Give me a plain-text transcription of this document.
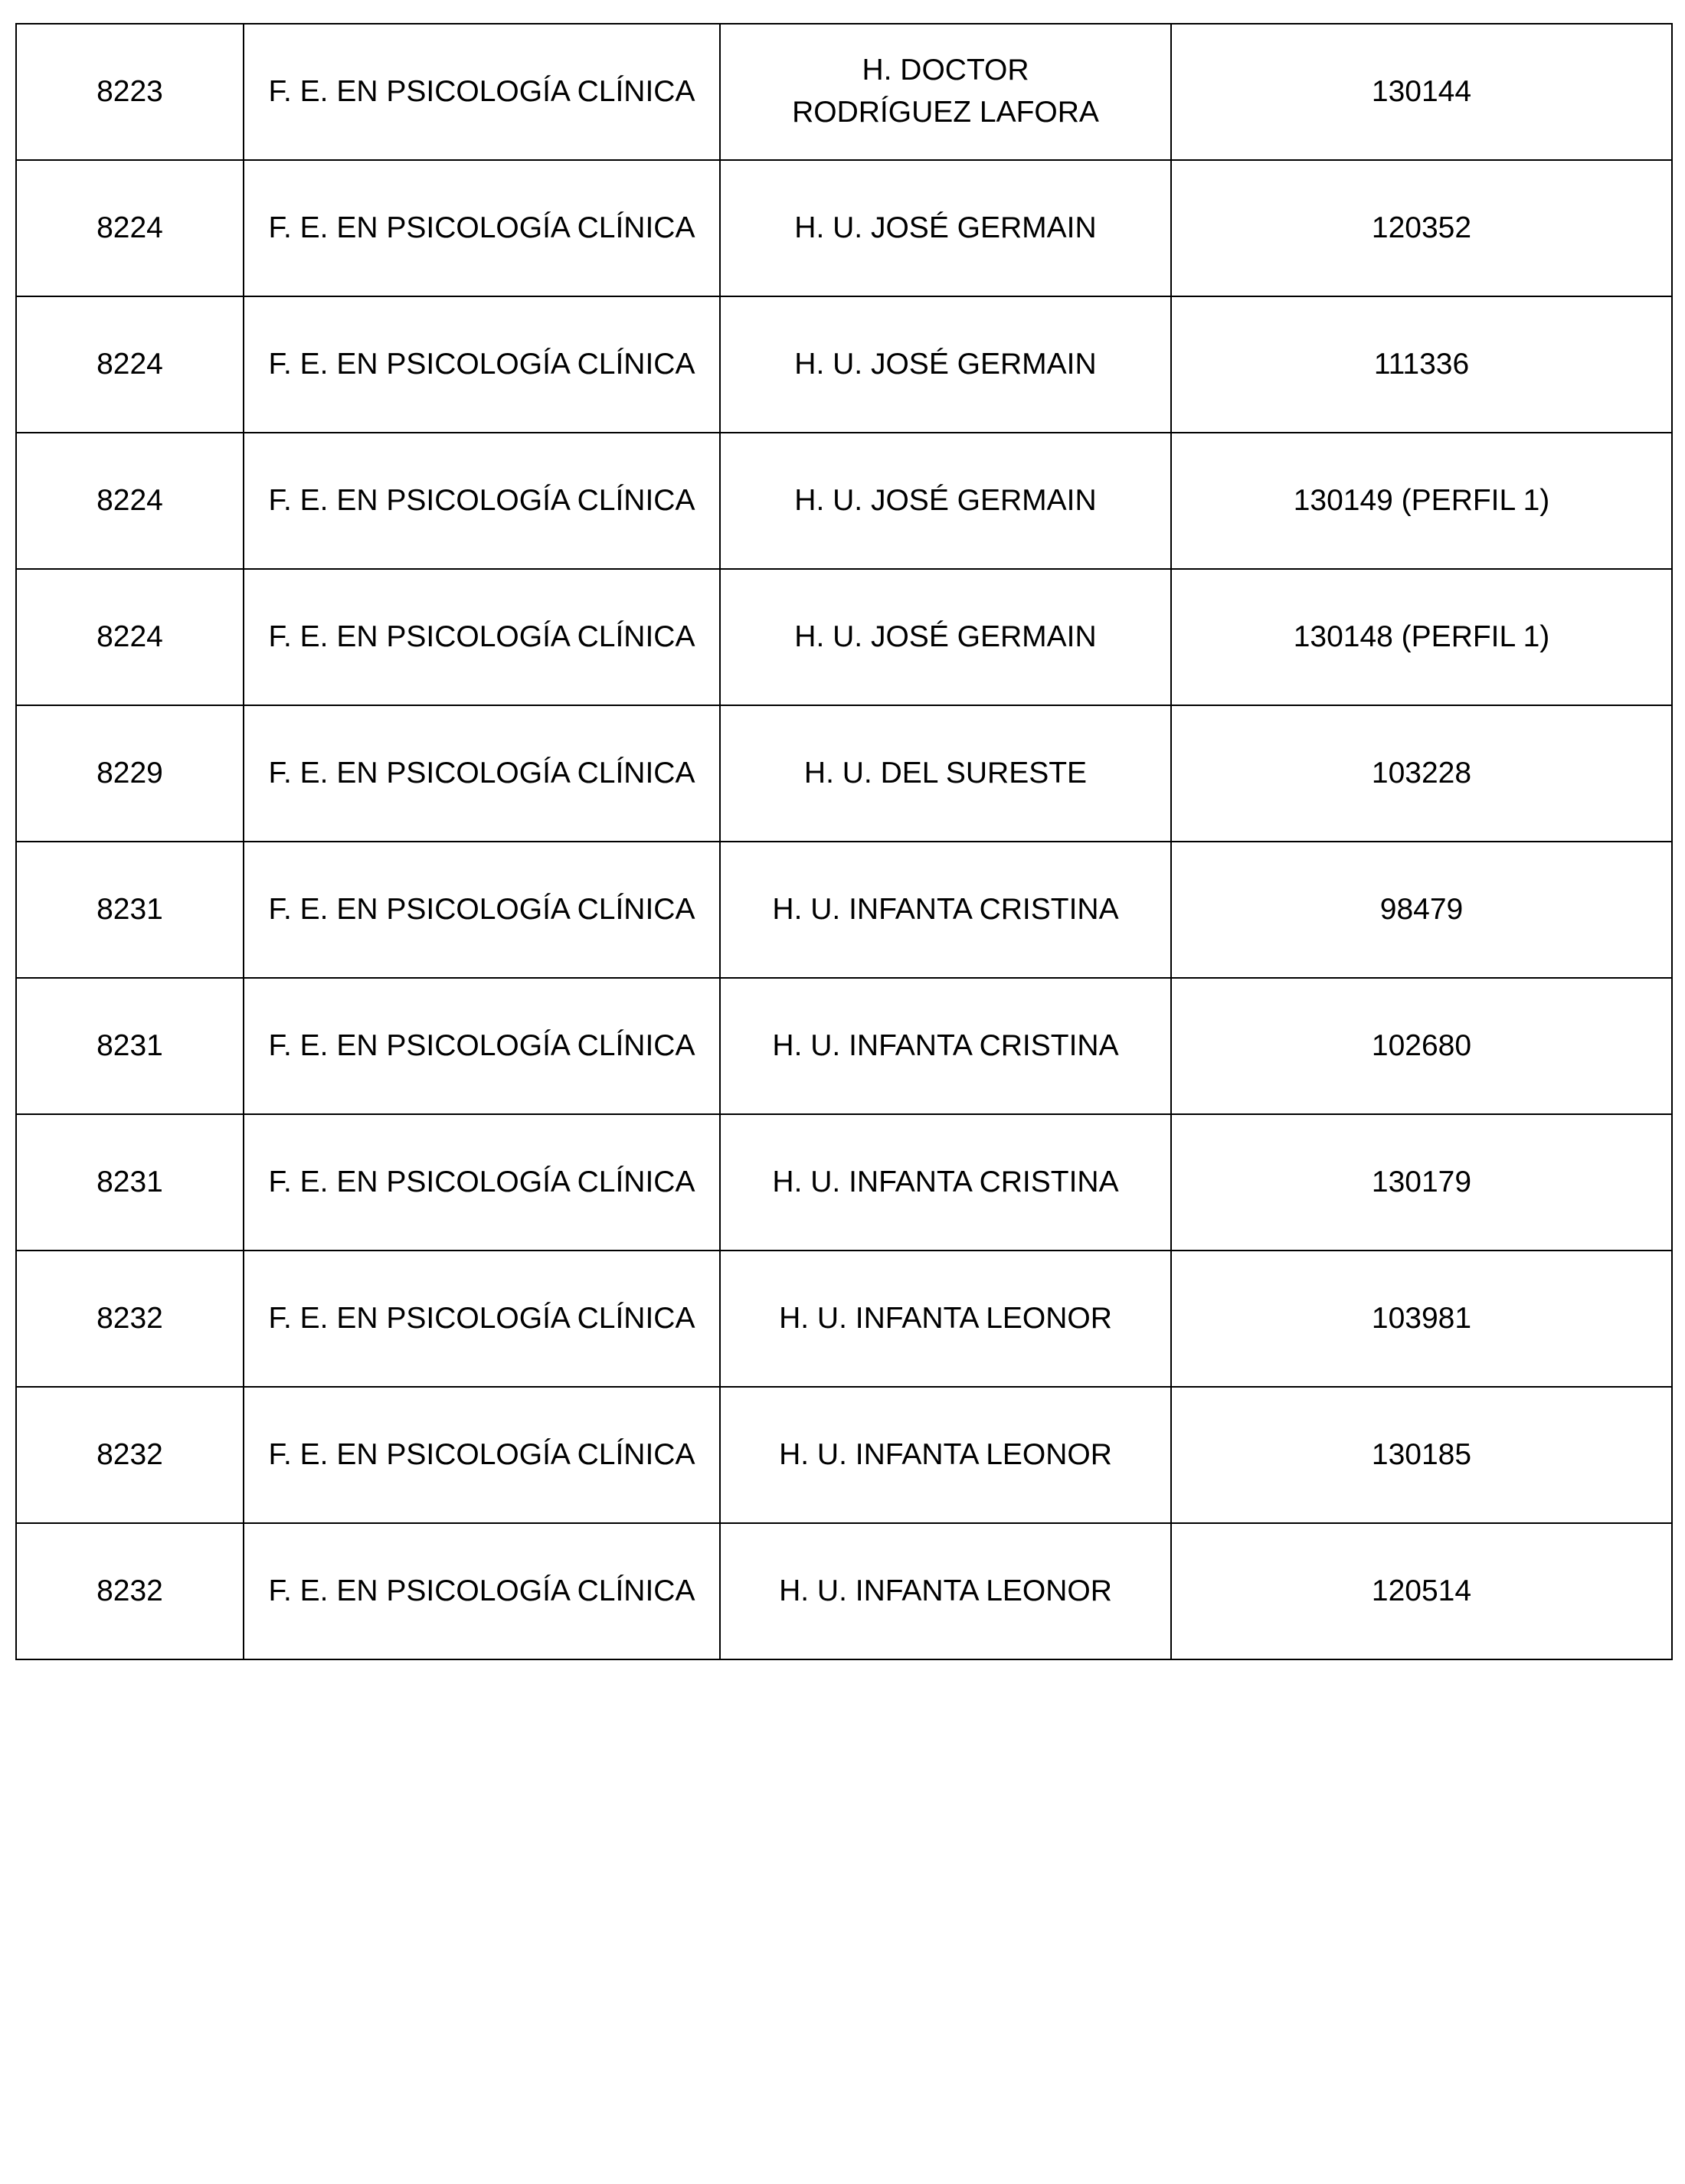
8223	F. E. EN PSICOLOGÍA CLÍNICA	H. DOCTOR RODRÍGUEZ LAFORA	130144
8224	F. E. EN PSICOLOGÍA CLÍNICA	H. U. JOSÉ GERMAIN	120352
8224	F. E. EN PSICOLOGÍA CLÍNICA	H. U. JOSÉ GERMAIN	111336
8224	F. E. EN PSICOLOGÍA CLÍNICA	H. U. JOSÉ GERMAIN	130149 (PERFIL 1)
8224	F. E. EN PSICOLOGÍA CLÍNICA	H. U. JOSÉ GERMAIN	130148 (PERFIL 1)
8229	F. E. EN PSICOLOGÍA CLÍNICA	H. U. DEL SURESTE	103228
8231	F. E. EN PSICOLOGÍA CLÍNICA	H. U. INFANTA CRISTINA	98479
8231	F. E. EN PSICOLOGÍA CLÍNICA	H. U. INFANTA CRISTINA	102680
8231	F. E. EN PSICOLOGÍA CLÍNICA	H. U. INFANTA CRISTINA	130179
8232	F. E. EN PSICOLOGÍA CLÍNICA	H. U. INFANTA LEONOR	103981
8232	F. E. EN PSICOLOGÍA CLÍNICA	H. U. INFANTA LEONOR	130185
8232	F. E. EN PSICOLOGÍA CLÍNICA	H. U. INFANTA LEONOR	120514
